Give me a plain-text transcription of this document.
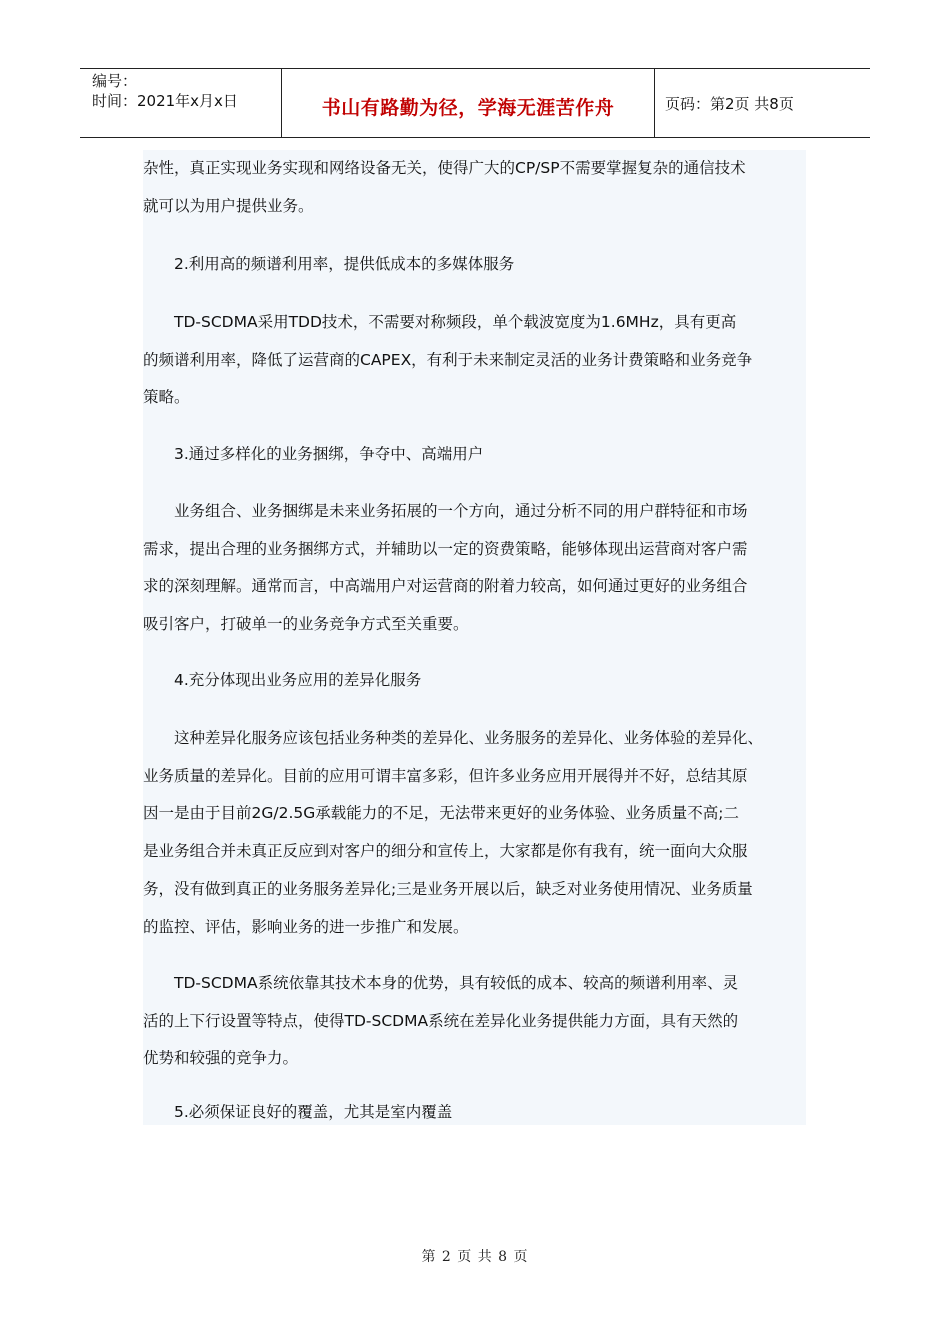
编号：
时间：2021年x月x日	书山有路勤为径，学海无涯苦作舟	页码：第2页 共8页
杂性，真正实现业务实现和网络设备无关，使得广大的CP/SP不需要掌握复杂的通信技术
就可以为用户提供业务。
　　2.利用高的频谱利用率，提供低成本的多媒体服务
　　TD-SCDMA采用TDD技术，不需要对称频段，单个载波宽度为1.6MHz，具有更高
的频谱利用率，降低了运营商的CAPEX，有利于未来制定灵活的业务计费策略和业务竞争
策略。
　　3.通过多样化的业务捆绑，争夺中、高端用户
　　业务组合、业务捆绑是未来业务拓展的一个方向，通过分析不同的用户群特征和市场
需求，提出合理的业务捆绑方式，并辅助以一定的资费策略，能够体现出运营商对客户需
求的深刻理解。通常而言，中高端用户对运营商的附着力较高，如何通过更好的业务组合
吸引客户，打破单一的业务竞争方式至关重要。
　　4.充分体现出业务应用的差异化服务
　　这种差异化服务应该包括业务种类的差异化、业务服务的差异化、业务体验的差异化、
业务质量的差异化。目前的应用可谓丰富多彩，但许多业务应用开展得并不好，总结其原
因一是由于目前2G/2.5G承载能力的不足，无法带来更好的业务体验、业务质量不高;二
是业务组合并未真正反应到对客户的细分和宣传上，大家都是你有我有，统一面向大众服
务，没有做到真正的业务服务差异化;三是业务开展以后，缺乏对业务使用情况、业务质量
的监控、评估，影响业务的进一步推广和发展。
　　TD-SCDMA系统依靠其技术本身的优势，具有较低的成本、较高的频谱利用率、灵
活的上下行设置等特点，使得TD-SCDMA系统在差异化业务提供能力方面，具有天然的
优势和较强的竞争力。
　　5.必须保证良好的覆盖，尤其是室内覆盖
第 2 页 共 8 页
